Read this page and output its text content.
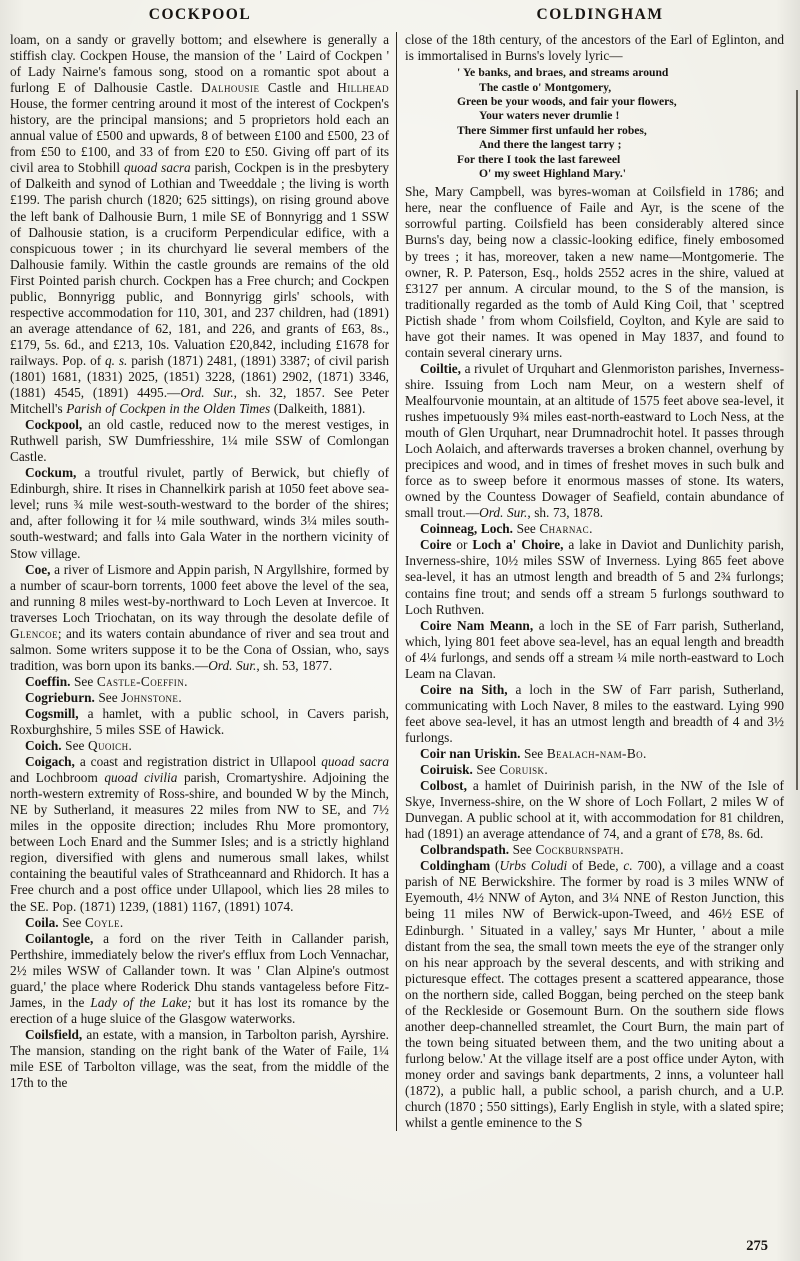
COCKPOOL	COLDINGHAM

loam, on a sandy or gravelly bottom; and elsewhere is generally a stiffish clay. Cockpen House, the mansion of the ' Laird of Cockpen ' of Lady Nairne's famous song, stood on a romantic spot about a furlong E of Dalhousie Castle. Dalhousie Castle and Hillhead House, the former centring around it most of the interest of Cockpen's history, are the principal mansions; and 5 proprietors hold each an annual value of £500 and upwards, 8 of between £100 and £500, 23 of from £50 to £100, and 33 of from £20 to £50. Giving off part of its civil area to Stobhill quoad sacra parish, Cockpen is in the presbytery of Dalkeith and synod of Lothian and Tweeddale ; the living is worth £199. The parish church (1820; 625 sittings), on rising ground above the left bank of Dalhousie Burn, 1 mile SE of Bonnyrigg and 1 SSW of Dalhousie station, is a cruciform Perpendicular edifice, with a conspicuous tower ; in its churchyard lie several members of the Dalhousie family. Within the castle grounds are remains of the old First Pointed parish church. Cockpen has a Free church; and Cockpen public, Bonnyrigg public, and Bonnyrigg girls' schools, with respective accommodation for 110, 301, and 237 children, had (1891) an average attendance of 62, 181, and 226, and grants of £63, 8s., £179, 5s. 6d., and £213, 10s. Valuation £20,842, including £1678 for railways. Pop. of q. s. parish (1871) 2481, (1891) 3387; of civil parish (1801) 1681, (1831) 2025, (1851) 3228, (1861) 2902, (1871) 3346, (1881) 4545, (1891) 4495.—Ord. Sur., sh. 32, 1857. See Peter Mitchell's Parish of Cockpen in the Olden Times (Dalkeith, 1881).

Cockpool, an old castle, reduced now to the merest vestiges, in Ruthwell parish, SW Dumfriesshire, 1¼ mile SSW of Comlongan Castle.

Cockum, a troutful rivulet, partly of Berwick, but chiefly of Edinburgh, shire. It rises in Channelkirk parish at 1050 feet above sea-level; runs ¾ mile west-south-westward to the border of the shires; and, after following it for ¼ mile southward, winds 3¼ miles south-south-westward; and falls into Gala Water in the northern vicinity of Stow village.

Coe, a river of Lismore and Appin parish, N Argyllshire, formed by a number of scaur-born torrents, 1000 feet above the level of the sea, and running 8 miles west-by-northward to Loch Leven at Invercoe. It traverses Loch Triochatan, on its way through the desolate defile of Glencoe; and its waters contain abundance of river and sea trout and salmon. Some writers suppose it to be the Cona of Ossian, who, says tradition, was born upon its banks.—Ord. Sur., sh. 53, 1877.

Coeffin. See Castle-Coeffin.

Cogrieburn. See Johnstone.

Cogsmill, a hamlet, with a public school, in Cavers parish, Roxburghshire, 5 miles SSE of Hawick.

Coich. See Quoich.

Coigach, a coast and registration district in Ullapool quoad sacra and Lochbroom quoad civilia parish, Cromartyshire. Adjoining the north-western extremity of Ross-shire, and bounded W by the Minch, NE by Sutherland, it measures 22 miles from NW to SE, and 7½ miles in the opposite direction; includes Rhu More promontory, between Loch Enard and the Summer Isles; and is a strictly highland region, diversified with glens and numerous small lakes, whilst containing the beautiful vales of Strathceannard and Rhidorch. It has a Free church and a post office under Ullapool, which lies 28 miles to the SE. Pop. (1871) 1239, (1881) 1167, (1891) 1074.

Coila. See Coyle.

Coilantogle, a ford on the river Teith in Callander parish, Perthshire, immediately below the river's efflux from Loch Vennachar, 2½ miles WSW of Callander town. It was ' Clan Alpine's outmost guard,' the place where Roderick Dhu stands vantageless before Fitz-James, in the Lady of the Lake; but it has lost its romance by the erection of a huge sluice of the Glasgow waterworks.

Coilsfield, an estate, with a mansion, in Tarbolton parish, Ayrshire. The mansion, standing on the right bank of the Water of Faile, 1¼ mile ESE of Tarbolton village, was the seat, from the middle of the 17th to the

close of the 18th century, of the ancestors of the Earl of Eglinton, and is immortalised in Burns's lovely lyric—

' Ye banks, and braes, and streams around
The castle o' Montgomery,
Green be your woods, and fair your flowers,
Your waters never drumlie !
There Simmer first unfauld her robes,
And there the langest tarry ;
For there I took the last fareweel
O' my sweet Highland Mary.'

She, Mary Campbell, was byres-woman at Coilsfield in 1786; and here, near the confluence of Faile and Ayr, is the scene of the sorrowful parting. Coilsfield has been considerably altered since Burns's day, being now a classic-looking edifice, finely embosomed by trees ; it has, moreover, taken a new name—Montgomerie. The owner, R. P. Paterson, Esq., holds 2552 acres in the shire, valued at £3127 per annum. A circular mound, to the S of the mansion, is traditionally regarded as the tomb of Auld King Coil, that ' sceptred Pictish shade ' from whom Coilsfield, Coylton, and Kyle are said to have got their names. It was opened in May 1837, and found to contain several cinerary urns.

Coiltie, a rivulet of Urquhart and Glenmoriston parishes, Inverness-shire. Issuing from Loch nam Meur, on a western shelf of Mealfourvonie mountain, at an altitude of 1575 feet above sea-level, it rushes impetuously 9¾ miles east-north-eastward to Loch Ness, at the mouth of Glen Urquhart, near Drumnadrochit hotel. It passes through Loch Aolaich, and afterwards traverses a broken channel, overhung by precipices and wood, and in times of freshet moves in such bulk and force as to sweep before it enormous masses of stone. Its waters, owned by the Countess Dowager of Seafield, contain abundance of small trout.—Ord. Sur., sh. 73, 1878.

Coinneag, Loch. See Charnac.

Coire or Loch a' Choire, a lake in Daviot and Dunlichity parish, Inverness-shire, 10½ miles SSW of Inverness. Lying 865 feet above sea-level, it has an utmost length and breadth of 5 and 2¾ furlongs; contains fine trout; and sends off a stream 5 furlongs southward to Loch Ruthven.

Coire Nam Meann, a loch in the SE of Farr parish, Sutherland, which, lying 801 feet above sea-level, has an equal length and breadth of 4¼ furlongs, and sends off a stream ¼ mile north-eastward to Loch Leam na Clavan.

Coire na Sith, a loch in the SW of Farr parish, Sutherland, communicating with Loch Naver, 8 miles to the eastward. Lying 990 feet above sea-level, it has an utmost length and breadth of 4 and 3½ furlongs.

Coir nan Uriskin. See Bealach-nam-Bo.

Coiruisk. See Coruisk.

Colbost, a hamlet of Duirinish parish, in the NW of the Isle of Skye, Inverness-shire, on the W shore of Loch Follart, 2 miles W of Dunvegan. A public school at it, with accommodation for 81 children, had (1891) an average attendance of 74, and a grant of £78, 8s. 6d.

Colbrandspath. See Cockburnspath.

Coldingham (Urbs Coludi of Bede, c. 700), a village and a coast parish of NE Berwickshire. The former by road is 3 miles WNW of Eyemouth, 4½ NNW of Ayton, and 3¼ NNE of Reston Junction, this being 11 miles NW of Berwick-upon-Tweed, and 46½ ESE of Edinburgh. ' Situated in a valley,' says Mr Hunter, ' about a mile distant from the sea, the small town meets the eye of the stranger only on his near approach by the several descents, and with striking and picturesque effect. The cottages present a scattered appearance, those on the northern side, called Boggan, being perched on the steep bank of the Reckleside or Gosemount Burn. On the southern side flows another deep-channelled streamlet, the Court Burn, the main part of the town being situated between them, and the two uniting about a furlong below.' At the village itself are a post office under Ayton, with money order and savings bank departments, 2 inns, a volunteer hall (1872), a public hall, a public school, a parish church, and a U.P. church (1870 ; 550 sittings), Early English in style, with a slated spire; whilst a gentle eminence to the S

275
